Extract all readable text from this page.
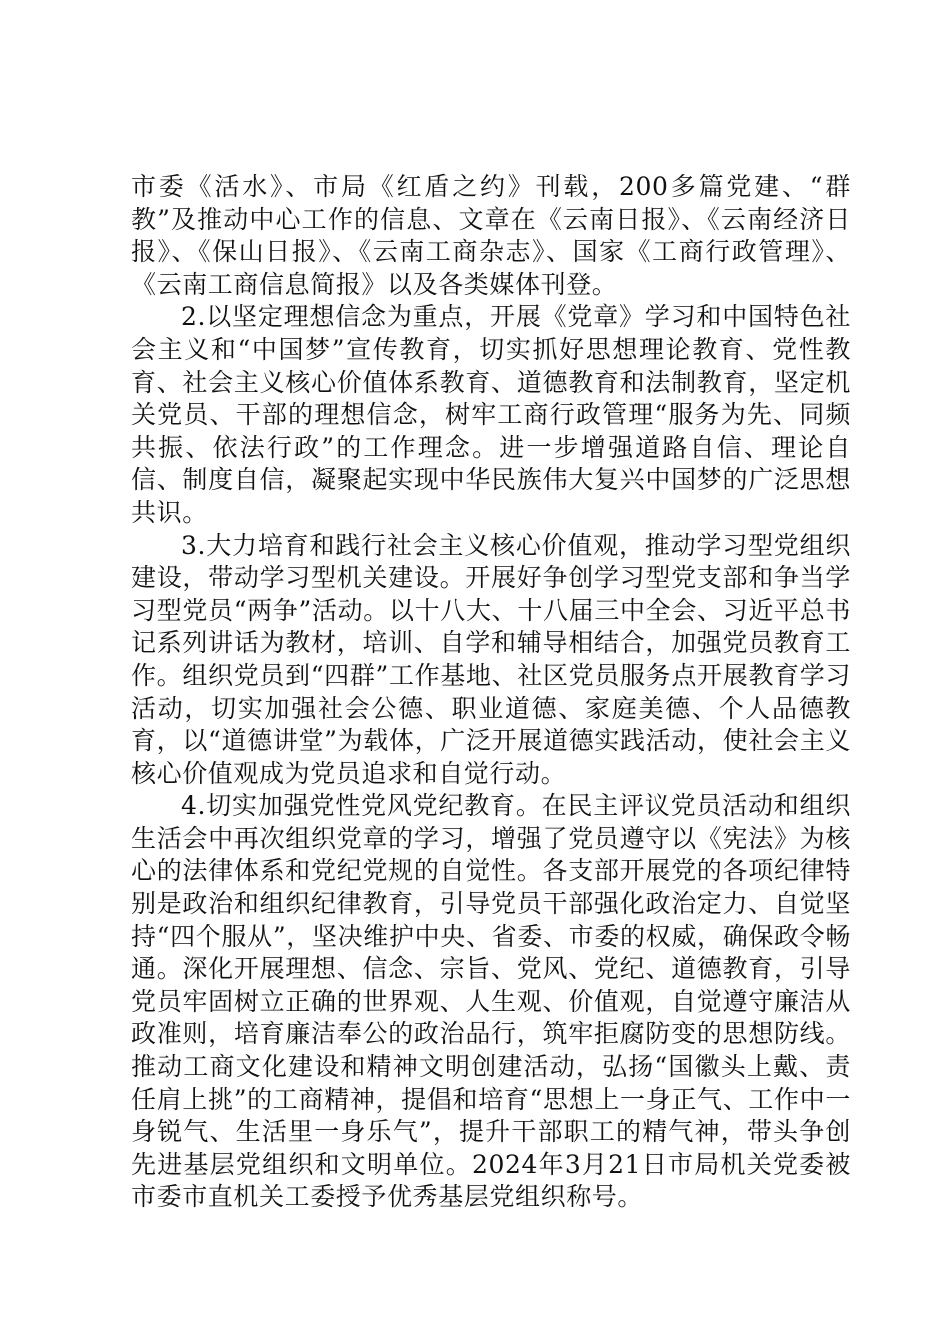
市委《活水》、市局《红盾之约》刊载，200多篇党建、“群教”及推动中心工作的信息、文章在《云南日报》、《云南经济日报》、《保山日报》、《云南工商杂志》、国家《工商行政管理》、《云南工商信息简报》以及各类媒体刊登。

2.以坚定理想信念为重点，开展《党章》学习和中国特色社会主义和“中国梦”宣传教育，切实抓好思想理论教育、党性教育、社会主义核心价值体系教育、道德教育和法制教育，坚定机关党员、干部的理想信念，树牢工商行政管理“服务为先、同频共振、依法行政”的工作理念。进一步增强道路自信、理论自信、制度自信，凝聚起实现中华民族伟大复兴中国梦的广泛思想共识。

3.大力培育和践行社会主义核心价值观，推动学习型党组织建设，带动学习型机关建设。开展好争创学习型党支部和争当学习型党员“两争”活动。以十八大、十八届三中全会、习近平总书记系列讲话为教材，培训、自学和辅导相结合，加强党员教育工作。组织党员到“四群”工作基地、社区党员服务点开展教育学习活动，切实加强社会公德、职业道德、家庭美德、个人品德教育，以“道德讲堂”为载体，广泛开展道德实践活动，使社会主义核心价值观成为党员追求和自觉行动。

4.切实加强党性党风党纪教育。在民主评议党员活动和组织生活会中再次组织党章的学习，增强了党员遵守以《宪法》为核心的法律体系和党纪党规的自觉性。各支部开展党的各项纪律特别是政治和组织纪律教育，引导党员干部强化政治定力、自觉坚持“四个服从”，坚决维护中央、省委、市委的权威，确保政令畅通。深化开展理想、信念、宗旨、党风、党纪、道德教育，引导党员牢固树立正确的世界观、人生观、价值观，自觉遵守廉洁从政准则，培育廉洁奉公的政治品行，筑牢拒腐防变的思想防线。推动工商文化建设和精神文明创建活动，弘扬“国徽头上戴、责任肩上挑”的工商精神，提倡和培育“思想上一身正气、工作中一身锐气、生活里一身乐气”，提升干部职工的精气神，带头争创先进基层党组织和文明单位。2024年3月21日市局机关党委被市委市直机关工委授予优秀基层党组织称号。
